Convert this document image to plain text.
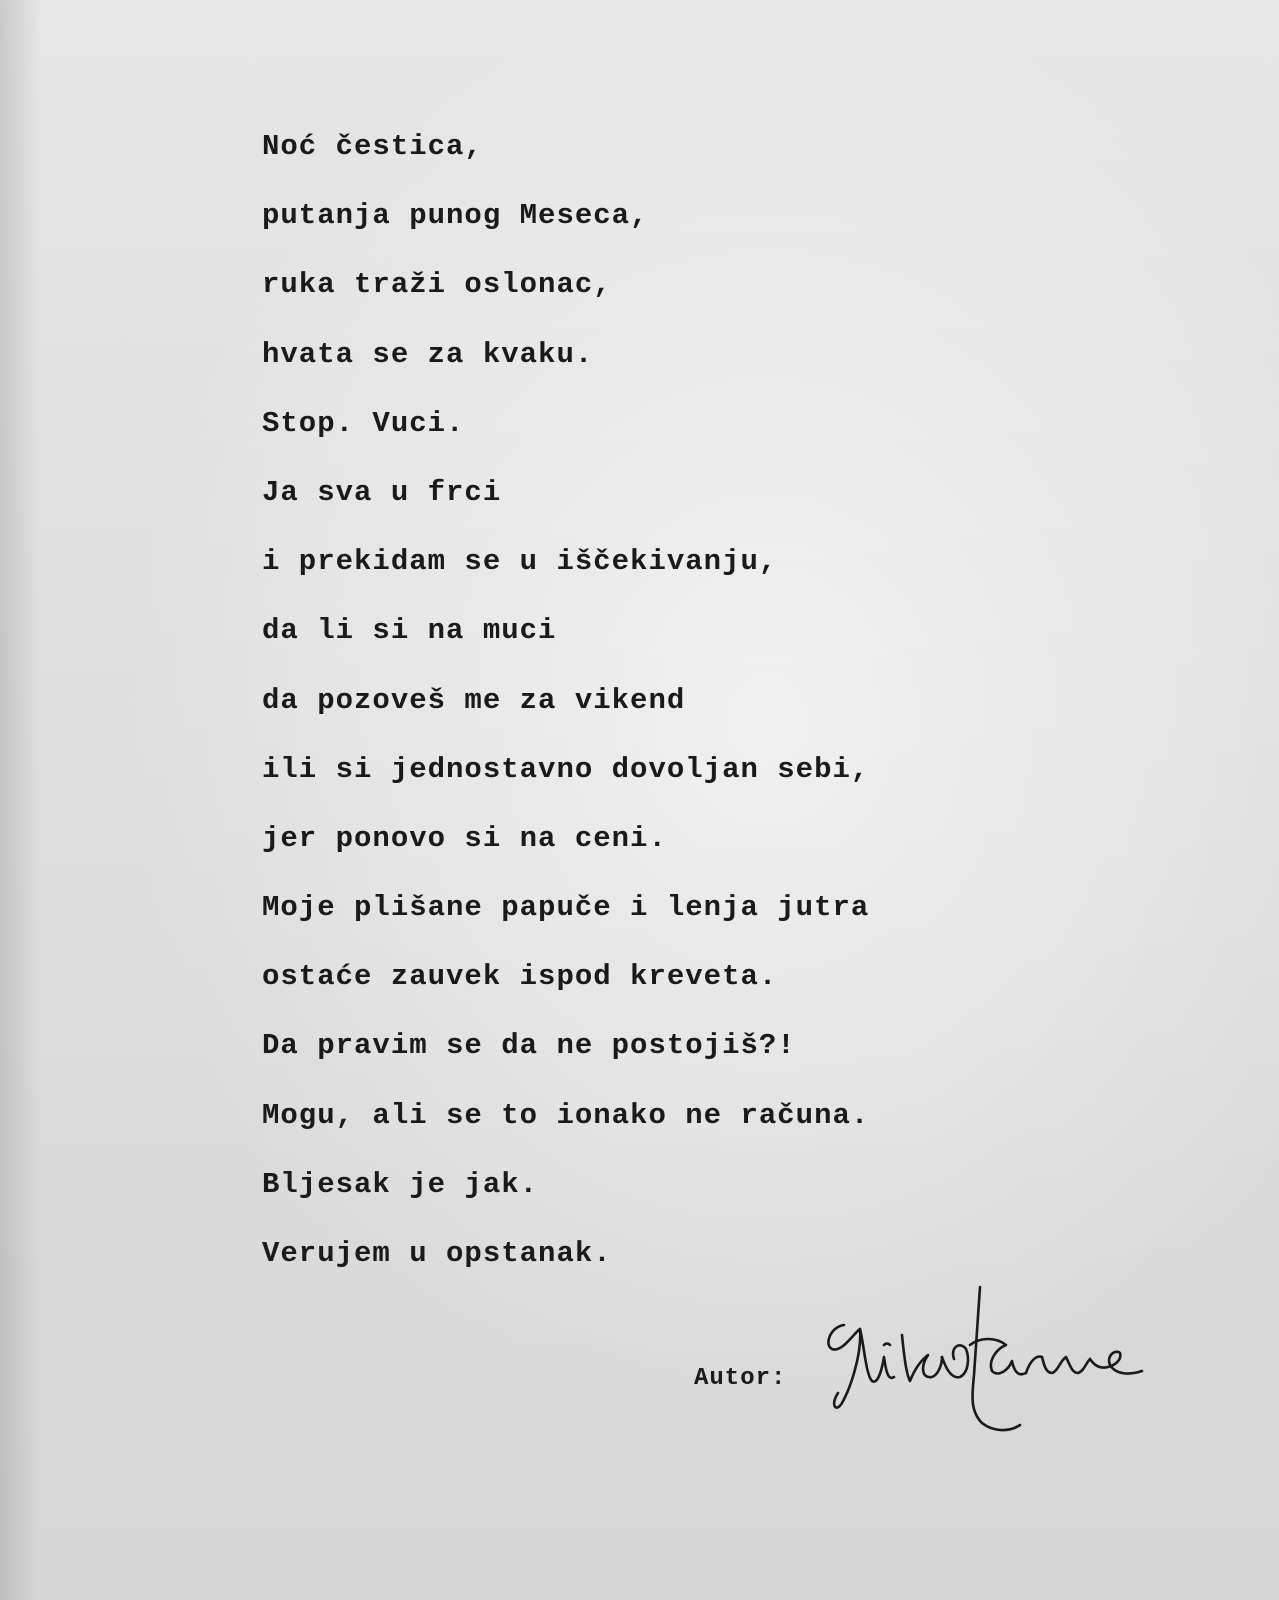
Noć čestica,
putanja punog Meseca,
ruka traži oslonac,
hvata se za kvaku.
Stop. Vuci.
Ja sva u frci
i prekidam se u iščekivanju,
da li si na muci
da pozoveš me za vikend
ili si jednostavno dovoljan sebi,
jer ponovo si na ceni.
Moje plišane papuče i lenja jutra
ostaće zauvek ispod kreveta.
Da pravim se da ne postojiš?!
Mogu, ali se to ionako ne računa.
Bljesak je jak.
Verujem u opstanak.
Autor:
